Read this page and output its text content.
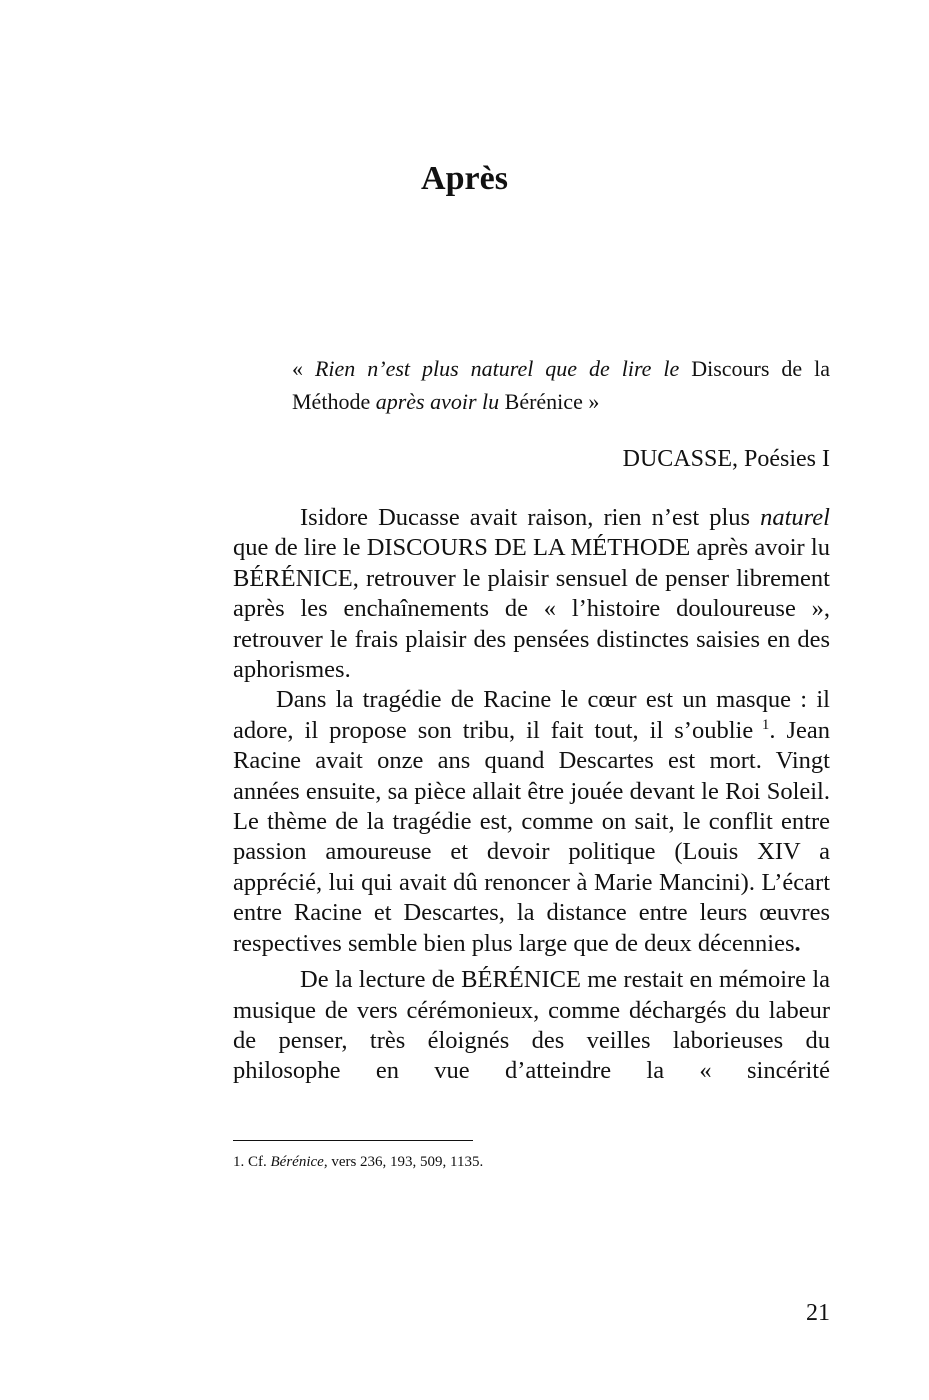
Après

« Rien n’est plus naturel que de lire le Discours de la Méthode après avoir lu Bérénice »

DUCASSE, Poésies I

Isidore Ducasse avait raison, rien n’est plus naturel que de lire le DISCOURS DE LA MÉTHODE après avoir lu BÉRÉNICE, retrouver le plaisir sensuel de penser librement après les enchaînements de « l’histoire douloureuse », retrouver le frais plaisir des pensées distinctes saisies en des aphorismes.

Dans la tragédie de Racine le cœur est un masque : il adore, il propose son tribu, il fait tout, il s’oublie $^1$. Jean Racine avait onze ans quand Descartes est mort. Vingt années ensuite, sa pièce allait être jouée devant le Roi Soleil. Le thème de la tragédie est, comme on sait, le conflit entre passion amoureuse et devoir politique (Louis XIV a apprécié, lui qui avait dû renoncer à Marie Mancini). L’écart entre Racine et Descartes, la distance entre leurs œuvres respectives semble bien plus large que de deux décennies.

De la lecture de BÉRÉNICE me restait en mémoire la musique de vers cérémonieux, comme déchargés du labeur de penser, très éloignés des veilles laborieuses du philosophe en vue d’atteindre la « sincérité

1. Cf. Bérénice, vers 236, 193, 509, 1135.

21
